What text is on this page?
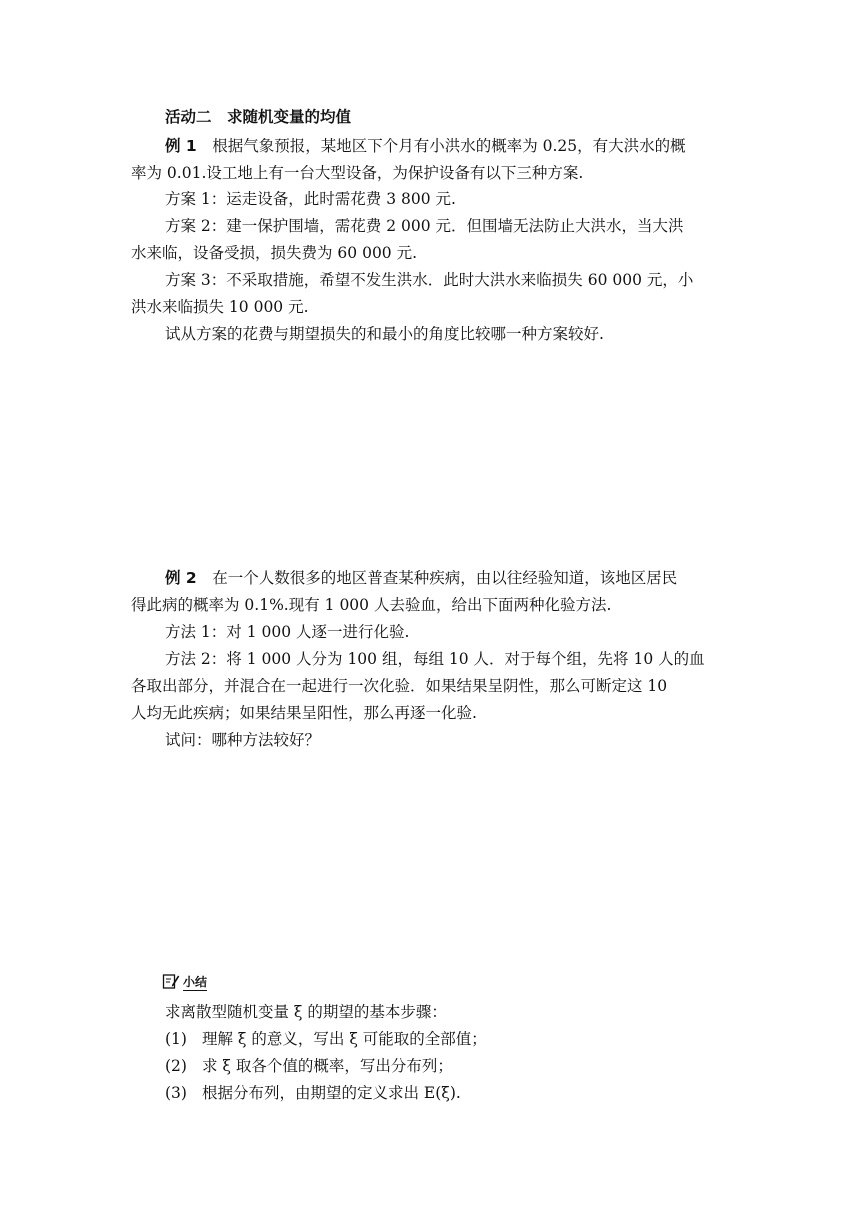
活动二　求随机变量的均值
例 1　根据气象预报，某地区下个月有小洪水的概率为 0.25，有大洪水的概
率为 0.01.设工地上有一台大型设备，为保护设备有以下三种方案.
方案 1：运走设备，此时需花费 3 800 元.
方案 2：建一保护围墙，需花费 2 000 元．但围墙无法防止大洪水，当大洪
水来临，设备受损，损失费为 60 000 元.
方案 3：不采取措施，希望不发生洪水．此时大洪水来临损失 60 000 元，小
洪水来临损失 10 000 元.
试从方案的花费与期望损失的和最小的角度比较哪一种方案较好.
例 2　在一个人数很多的地区普查某种疾病，由以往经验知道，该地区居民
得此病的概率为 0.1%.现有 1 000 人去验血，给出下面两种化验方法.
方法 1：对 1 000 人逐一进行化验.
方法 2：将 1 000 人分为 100 组，每组 10 人．对于每个组，先将 10 人的血
各取出部分，并混合在一起进行一次化验．如果结果呈阴性，那么可断定这 10
人均无此疾病；如果结果呈阳性，那么再逐一化验.
试问：哪种方法较好？
小结
求离散型随机变量 ξ 的期望的基本步骤：
(1) 理解 ξ 的意义，写出 ξ 可能取的全部值；
(2) 求 ξ 取各个值的概率，写出分布列；
(3) 根据分布列，由期望的定义求出 E(ξ).
